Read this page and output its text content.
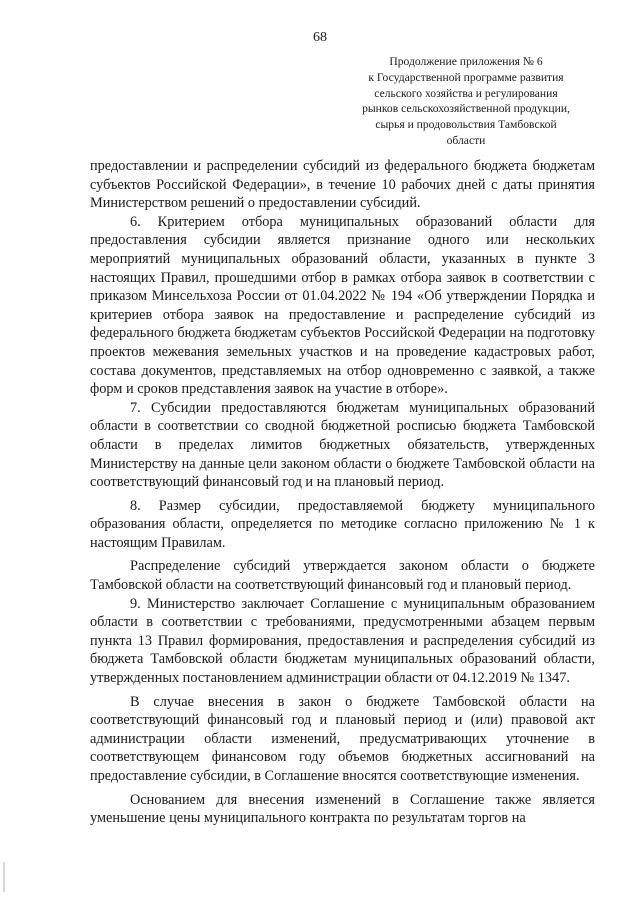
68
Продолжение приложения № 6
к Государственной программе развития
сельского хозяйства и регулирования
рынков сельскохозяйственной продукции,
сырья и продовольствия Тамбовской
области

предоставлении и распределении субсидий из федерального бюджета бюджетам субъектов Российской Федерации», в течение 10 рабочих дней с даты принятия Министерством решений о предоставлении субсидий.

6. Критерием отбора муниципальных образований области для предоставления субсидии является признание одного или нескольких мероприятий муниципальных образований области, указанных в пункте 3 настоящих Правил, прошедшими отбор в рамках отбора заявок в соответствии с приказом Минсельхоза России от 01.04.2022 № 194 «Об утверждении Порядка и критериев отбора заявок на предоставление и распределение субсидий из федерального бюджета бюджетам субъектов Российской Федерации на подготовку проектов межевания земельных участков и на проведение кадастровых работ, состава документов, представляемых на отбор одновременно с заявкой, а также форм и сроков представления заявок на участие в отборе».

7. Субсидии предоставляются бюджетам муниципальных образований области в соответствии со сводной бюджетной росписью бюджета Тамбовской области в пределах лимитов бюджетных обязательств, утвержденных Министерству на данные цели законом области о бюджете Тамбовской области на соответствующий финансовый год и на плановый период.

8. Размер субсидии, предоставляемой бюджету муниципального образования области, определяется по методике согласно приложению № 1 к настоящим Правилам.

Распределение субсидий утверждается законом области о бюджете Тамбовской области на соответствующий финансовый год и плановый период.

9. Министерство заключает Соглашение с муниципальным образованием области в соответствии с требованиями, предусмотренными абзацем первым пункта 13 Правил формирования, предоставления и распределения субсидий из бюджета Тамбовской области бюджетам муниципальных образований области, утвержденных постановлением администрации области от 04.12.2019 № 1347.

В случае внесения в закон о бюджете Тамбовской области на соответствующий финансовый год и плановый период и (или) правовой акт администрации области изменений, предусматривающих уточнение в соответствующем финансовом году объемов бюджетных ассигнований на предоставление субсидии, в Соглашение вносятся соответствующие изменения.

Основанием для внесения изменений в Соглашение также является уменьшение цены муниципального контракта по результатам торгов на
